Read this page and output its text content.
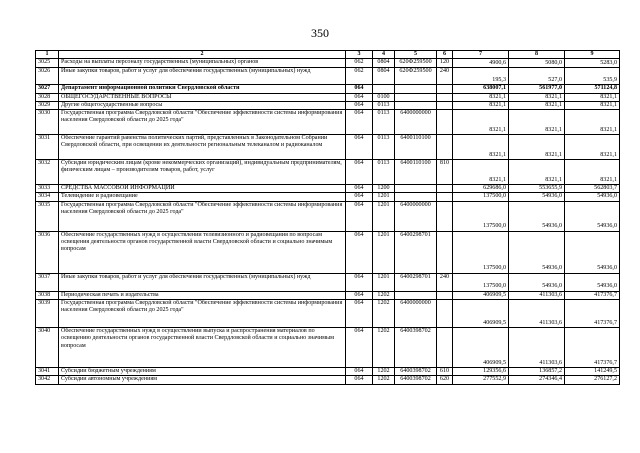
350
1	2	3	4	5	6	7	8	9
3025	Расходы на выплаты персоналу государственных (муниципальных) органов	062	0804	620Ф259500	120	4900,6	5080,0	5283,0
3026	Иные закупки товаров, работ и услуг для обеспечения государственных (муниципальных) нужд	062	0804	620Ф259500	240	195,3	527,0	535,9
3027	Департамент информационной политики Свердловской области	064				638007,1	561977,0	571124,8
3028	ОБЩЕГОСУДАРСТВЕННЫЕ ВОПРОСЫ	064	0100			8321,1	8321,1	8321,1
3029	Другие общегосударственные вопросы	064	0113			8321,1	8321,1	8321,1
3030	Государственная программа Свердловской области "Обеспечение эффективности системы информирования населения Свердловской области до 2025 года"	064	0113	6400000000		8321,1	8321,1	8321,1
3031	Обеспечение гарантий равенства политических партий, представленных в Законодательном Собрании Свердловской области, при освещении их деятельности региональным телеканалом и радиоканалом	064	0113	6400110100		8321,1	8321,1	8321,1
3032	Субсидии юридическим лицам (кроме некоммерческих организаций), индивидуальным предпринимателям, физическим лицам – производителям товаров, работ, услуг	064	0113	6400110100	810	8321,1	8321,1	8321,1
3033	СРЕДСТВА МАССОВОЙ ИНФОРМАЦИИ	064	1200			629686,0	553655,9	562803,7
3034	Телевидение и радиовещание	064	1201			137500,0	54936,0	54936,0
3035	Государственная программа Свердловской области "Обеспечение эффективности системы информирования населения Свердловской области до 2025 года"	064	1201	6400000000		137500,0	54936,0	54936,0
3036	Обеспечение государственных нужд в осуществлении телевизионного и радиовещания по вопросам освещения деятельности органов государственной власти Свердловской области и социально значимым вопросам	064	1201	6400298701		137500,0	54936,0	54936,0
3037	Иные закупки товаров, работ и услуг для обеспечения государственных (муниципальных) нужд	064	1201	6400298701	240	137500,0	54936,0	54936,0
3038	Периодическая печать и издательства	064	1202			406909,5	411303,6	417376,7
3039	Государственная программа Свердловской области "Обеспечение эффективности системы информирования населения Свердловской области до 2025 года"	064	1202	6400000000		406909,5	411303,6	417376,7
3040	Обеспечение государственных нужд в осуществлении выпуска и распространения материалов по освещению деятельности органов государственной власти Свердловской области и социально значимым вопросам	064	1202	6400398702		406909,5	411303,6	417376,7
3041	Субсидии бюджетным учреждениям	064	1202	6400398702	610	129356,6	136857,2	141249,5
3042	Субсидии автономным учреждениям	064	1202	6400398702	620	277552,9	274346,4	276127,2
